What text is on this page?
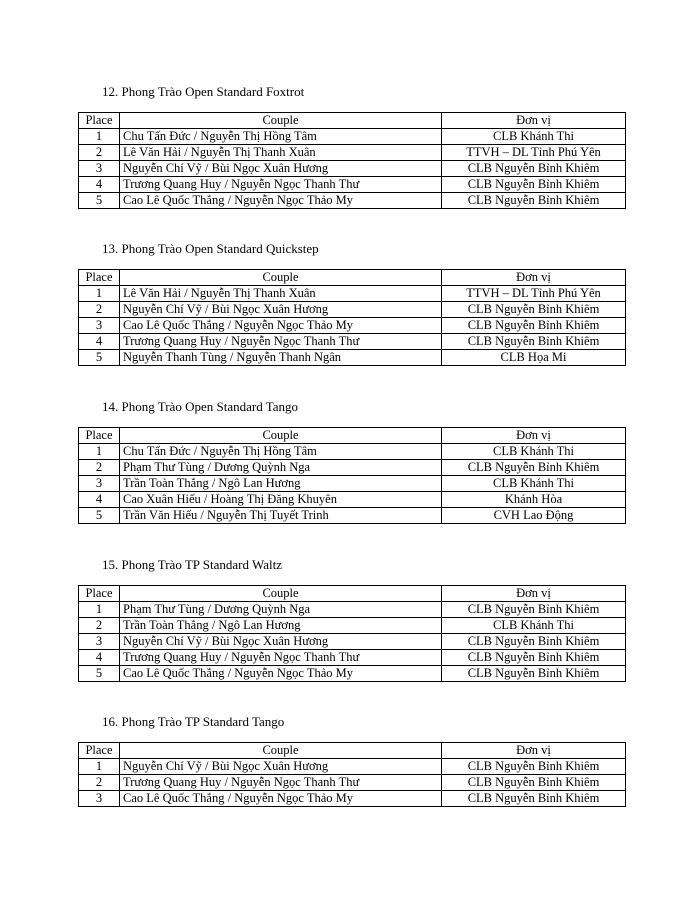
12. Phong Trào Open Standard Foxtrot

Place	Couple	Đơn vị
1	Chu Tấn Đức / Nguyễn Thị Hồng Tâm	CLB Khánh Thi
2	Lê Văn Hải / Nguyễn Thị Thanh Xuân	TTVH – DL Tỉnh Phú Yên
3	Nguyễn Chí Vỹ / Bùi Ngọc Xuân Hương	CLB Nguyễn Bỉnh Khiêm
4	Trương Quang Huy / Nguyễn Ngọc Thanh Thư	CLB Nguyễn Bỉnh Khiêm
5	Cao Lê Quốc Thắng / Nguyễn Ngọc Thảo My	CLB Nguyễn Bỉnh Khiêm

13. Phong Trào Open Standard Quickstep

Place	Couple	Đơn vị
1	Lê Văn Hải / Nguyễn Thị Thanh Xuân	TTVH – DL Tỉnh Phú Yên
2	Nguyễn Chí Vỹ / Bùi Ngọc Xuân Hương	CLB Nguyễn Bỉnh Khiêm
3	Cao Lê Quốc Thắng / Nguyễn Ngọc Thảo My	CLB Nguyễn Bỉnh Khiêm
4	Trương Quang Huy / Nguyễn Ngọc Thanh Thư	CLB Nguyễn Bỉnh Khiêm
5	Nguyễn Thanh Tùng / Nguyễn Thanh Ngân	CLB Họa Mi

14. Phong Trào Open Standard Tango

Place	Couple	Đơn vị
1	Chu Tấn Đức / Nguyễn Thị Hồng Tâm	CLB Khánh Thi
2	Phạm Thư Tùng / Dương Quỳnh Nga	CLB Nguyễn Bỉnh Khiêm
3	Trần Toàn Thắng / Ngô Lan Hương	CLB Khánh Thi
4	Cao Xuân Hiếu / Hoàng Thị Đăng Khuyên	Khánh Hòa
5	Trần Văn Hiếu / Nguyễn Thị Tuyết Trinh	CVH Lao Động

15. Phong Trào TP Standard Waltz

Place	Couple	Đơn vị
1	Phạm Thư Tùng / Dương Quỳnh Nga	CLB Nguyễn Bỉnh Khiêm
2	Trần Toàn Thắng / Ngô Lan Hương	CLB Khánh Thi
3	Nguyễn Chí Vỹ / Bùi Ngọc Xuân Hương	CLB Nguyễn Bỉnh Khiêm
4	Trương Quang Huy / Nguyễn Ngọc Thanh Thư	CLB Nguyễn Bỉnh Khiêm
5	Cao Lê Quốc Thắng / Nguyễn Ngọc Thảo My	CLB Nguyễn Bỉnh Khiêm

16. Phong Trào TP Standard Tango

Place	Couple	Đơn vị
1	Nguyễn Chí Vỹ / Bùi Ngọc Xuân Hương	CLB Nguyễn Bỉnh Khiêm
2	Trương Quang Huy / Nguyễn Ngọc Thanh Thư	CLB Nguyễn Bỉnh Khiêm
3	Cao Lê Quốc Thắng / Nguyễn Ngọc Thảo My	CLB Nguyễn Bỉnh Khiêm
